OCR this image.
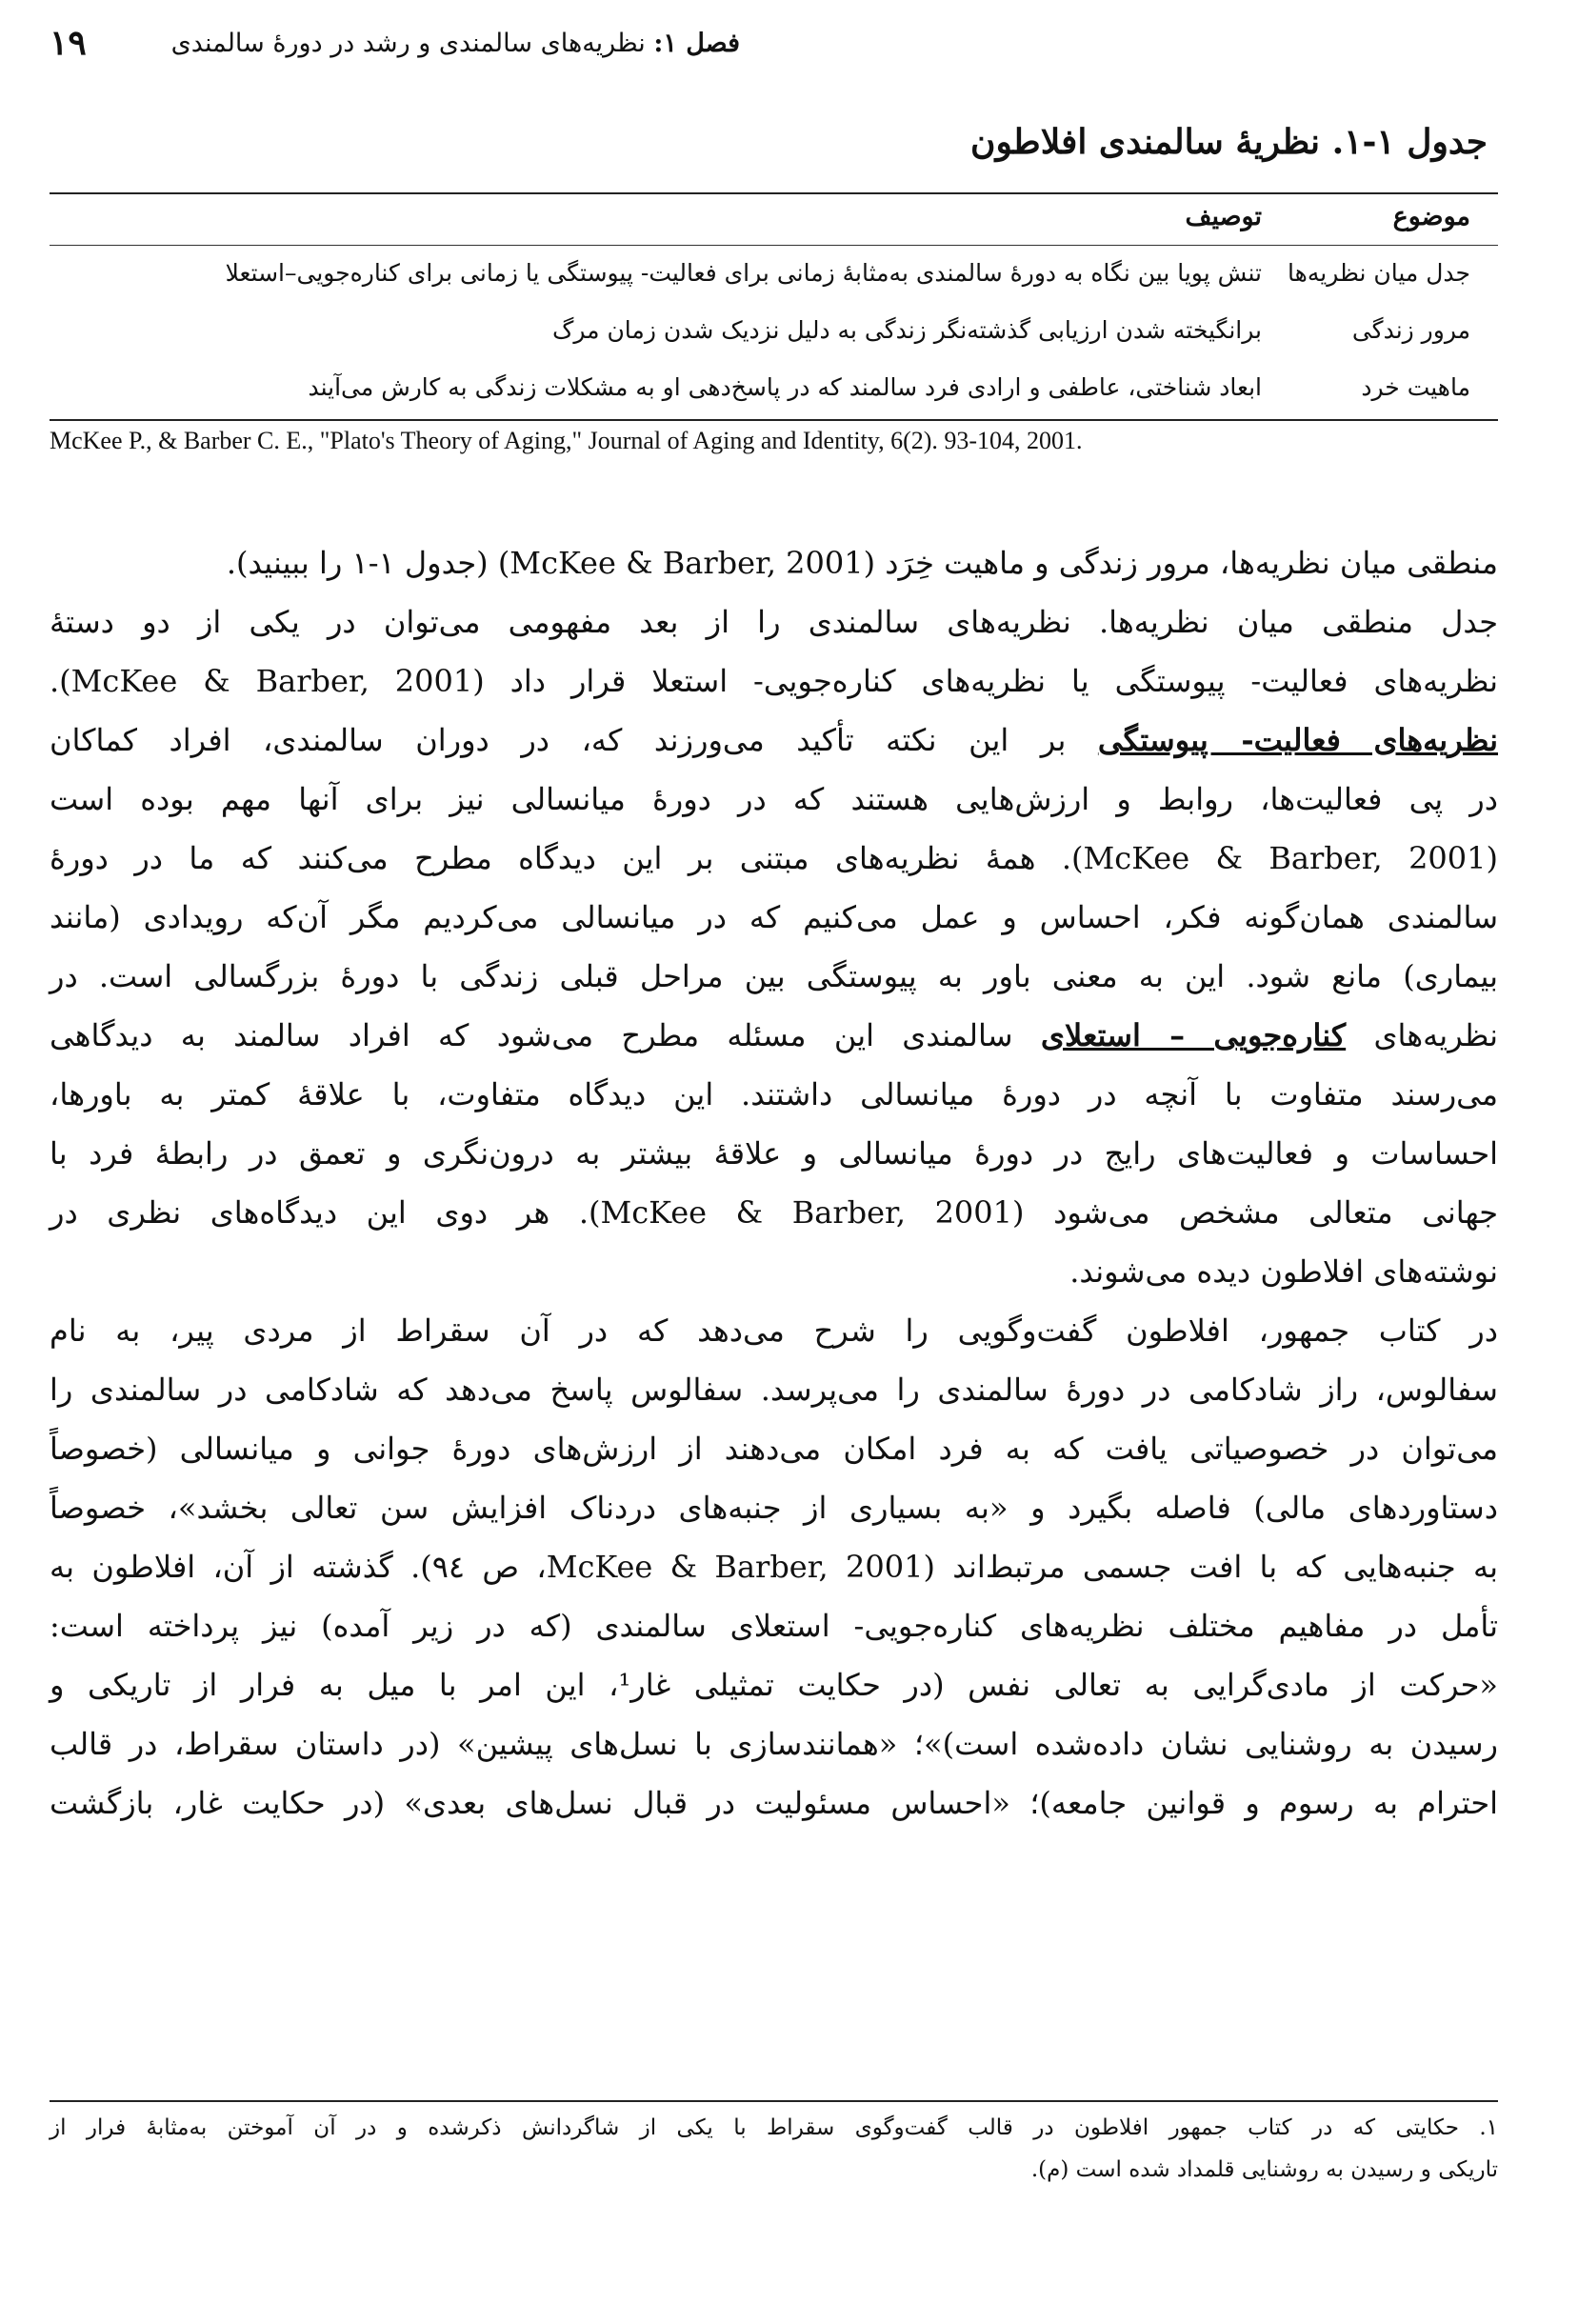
فصل ۱: نظریه‌های سالمندی و رشد در دورهٔ سالمندی
۱۹
جدول ۱-۱. نظریهٔ سالمندی افلاطون
موضوع
توصیف
جدل میان نظریه‌ها
تنش پویا بین نگاه به دورهٔ سالمندی به‌مثابهٔ زمانی برای فعالیت- پیوستگی یا زمانی برای کناره‌جویی–استعلا
مرور زندگی
برانگیخته شدن ارزیابی گذشته‌نگر زندگی به دلیل نزدیک شدن زمان مرگ
ماهیت خرد
ابعاد شناختی، عاطفی و ارادی فرد سالمند که در پاسخ‌دهی او به مشکلات زندگی به کارش می‌آیند
McKee P., & Barber C. E., "Plato's Theory of Aging," Journal of Aging and Identity, 6(2). 93-104, 2001.
منطقی میان نظریه‌ها، مرور زندگی و ماهیت خِرَد (McKee & Barber, 2001) (جدول ۱-۱ را ببینید).
جدل منطقی میان نظریه‌ها. نظریه‌های سالمندی را از بعد مفهومی می‌توان در یکی از دو دستهٔ
نظریه‌های فعالیت- پیوستگی یا نظریه‌های کناره‌جویی- استعلا قرار داد (McKee & Barber, 2001).
نظریه‌های فعالیت- پیوستگی بر این نکته تأکید می‌ورزند که، در دوران سالمندی، افراد کماکان
در پی فعالیت‌ها، روابط و ارزش‌هایی هستند که در دورهٔ میانسالی نیز برای آنها مهم بوده است
(McKee & Barber, 2001). همهٔ نظریه‌های مبتنی بر این دیدگاه مطرح می‌کنند که ما در دورهٔ
سالمندی همان‌گونه فکر، احساس و عمل می‌کنیم که در میانسالی می‌کردیم مگر آن‌که رویدادی (مانند
بیماری) مانع شود. این به معنی باور به پیوستگی بین مراحل قبلی زندگی با دورهٔ بزرگسالی است. در
نظریه‌های کناره‌جویی – استعلای سالمندی این مسئله مطرح می‌شود که افراد سالمند به دیدگاهی
می‌رسند متفاوت با آنچه در دورهٔ میانسالی داشتند. این دیدگاه متفاوت، با علاقهٔ کمتر به باورها،
احساسات و فعالیت‌های رایج در دورهٔ میانسالی و علاقهٔ بیشتر به درون‌نگری و تعمق در رابطهٔ فرد با
جهانی متعالی مشخص می‌شود (McKee & Barber, 2001). هر دوی این دیدگاه‌های نظری در
نوشته‌های افلاطون دیده می‌شوند.
در کتاب جمهور، افلاطون گفت‌وگویی را شرح می‌دهد که در آن سقراط از مردی پیر، به نام
سفالوس، راز شادکامی در دورهٔ سالمندی را می‌پرسد. سفالوس پاسخ می‌دهد که شادکامی در سالمندی را
می‌توان در خصوصیاتی یافت که به فرد امکان می‌دهند از ارزش‌های دورهٔ جوانی و میانسالی (خصوصاً
دستاوردهای مالی) فاصله بگیرد و «به بسیاری از جنبه‌های دردناک افزایش سن تعالی بخشد»، خصوصاً
به جنبه‌هایی که با افت جسمی مرتبط‌اند (McKee & Barber, 2001، ص ۹٤). گذشته از آن، افلاطون به
تأمل در مفاهیم مختلف نظریه‌های کناره‌جویی- استعلای سالمندی (که در زیر آمده) نیز پرداخته است:
«حرکت از مادی‌گرایی به تعالی نفس (در حکایت تمثیلی غار¹، این امر با میل به فرار از تاریکی و
رسیدن به روشنایی نشان داده‌شده است)»؛ «همانندسازی با نسل‌های پیشین» (در داستان سقراط، در قالب
احترام به رسوم و قوانین جامعه)؛ «احساس مسئولیت در قبال نسل‌های بعدی» (در حکایت غار، بازگشت
۱. حکایتی که در کتاب جمهور افلاطون در قالب گفت‌وگوی سقراط با یکی از شاگردانش ذکرشده و در آن آموختن به‌مثابهٔ فرار از
تاریکی و رسیدن به روشنایی قلمداد شده است (م).
